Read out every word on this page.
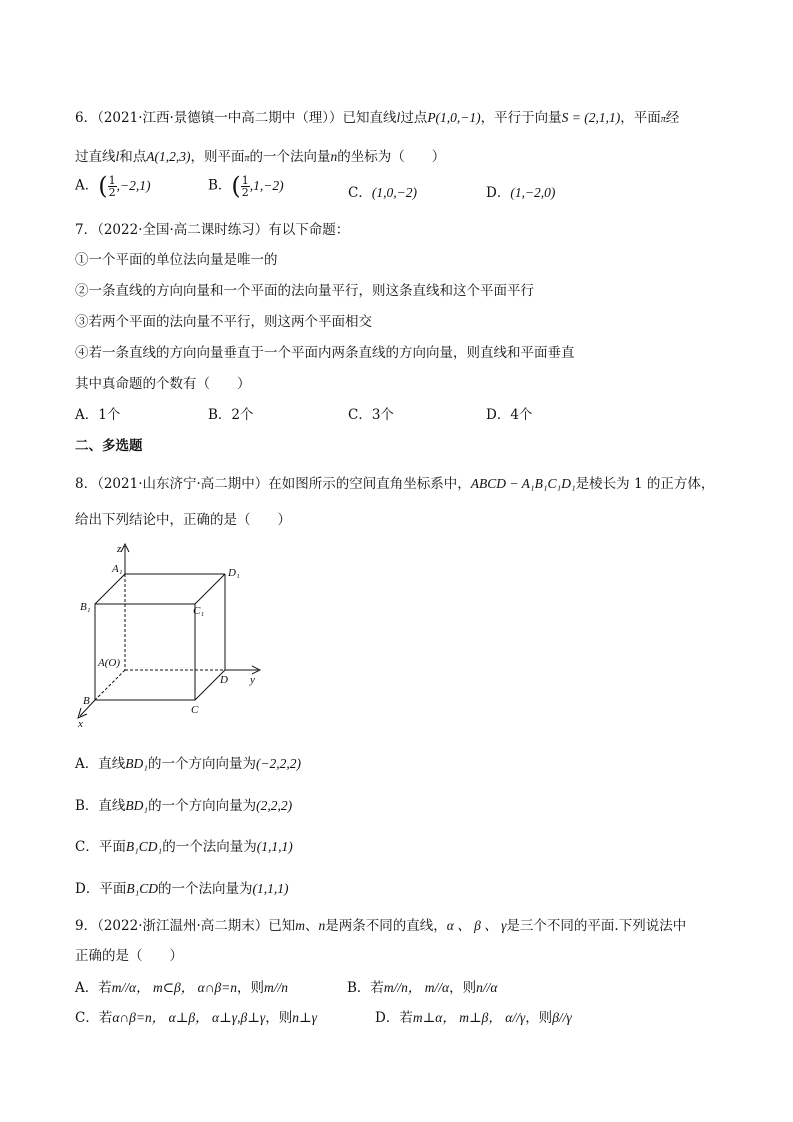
6．（2021·江西·景德镇一中高二期中（理））已知直线l过点P(1,0,−1)，平行于向量S = (2,1,1)，平面π经
过直线l和点A(1,2,3)，则平面π的一个法向量n的坐标为（　　）
A．( $\frac{1}{2} ,-2,1$)	B．( $\frac{1}{2} ,1,-2$)	C．(1,0,−2)	D．(1,−2,0)
7．（2022·全国·高二课时练习）有以下命题：
①一个平面的单位法向量是唯一的
②一条直线的方向向量和一个平面的法向量平行，则这条直线和这个平面平行
③若两个平面的法向量不平行，则这两个平面相交
④若一条直线的方向向量垂直于一个平面内两条直线的方向向量，则直线和平面垂直
其中真命题的个数有（　　）
A．1个	B．2个	C．3个	D．4个
二、多选题
8．（2021·山东济宁·高二期中）在如图所示的空间直角坐标系中，ABCD − A₁B₁C₁D₁是棱长为 1 的正方体，
给出下列结论中，正确的是（　　）
z
y
x
A₁	D₁
B₁	C₁
A(O)
D
B
C
A．直线BD₁的一个方向向量为(−2,2,2)
B．直线BD₁的一个方向向量为(2,2,2)
C．平面B₁CD₁的一个法向量为(1,1,1)
D．平面B₁CD的一个法向量为(1,1,1)
9．（2022·浙江温州·高二期末）已知m、n是两条不同的直线，α 、 β 、 γ是三个不同的平面.下列说法中
正确的是（　　）
A．若m//α， m⊂β， α∩β=n，则m//n	B．若m//n， m//α，则n//α
C．若α∩β=n， α⊥β， α⊥γ,β⊥γ，则n⊥γ	D．若m⊥α， m⊥β， α//γ，则β//γ
